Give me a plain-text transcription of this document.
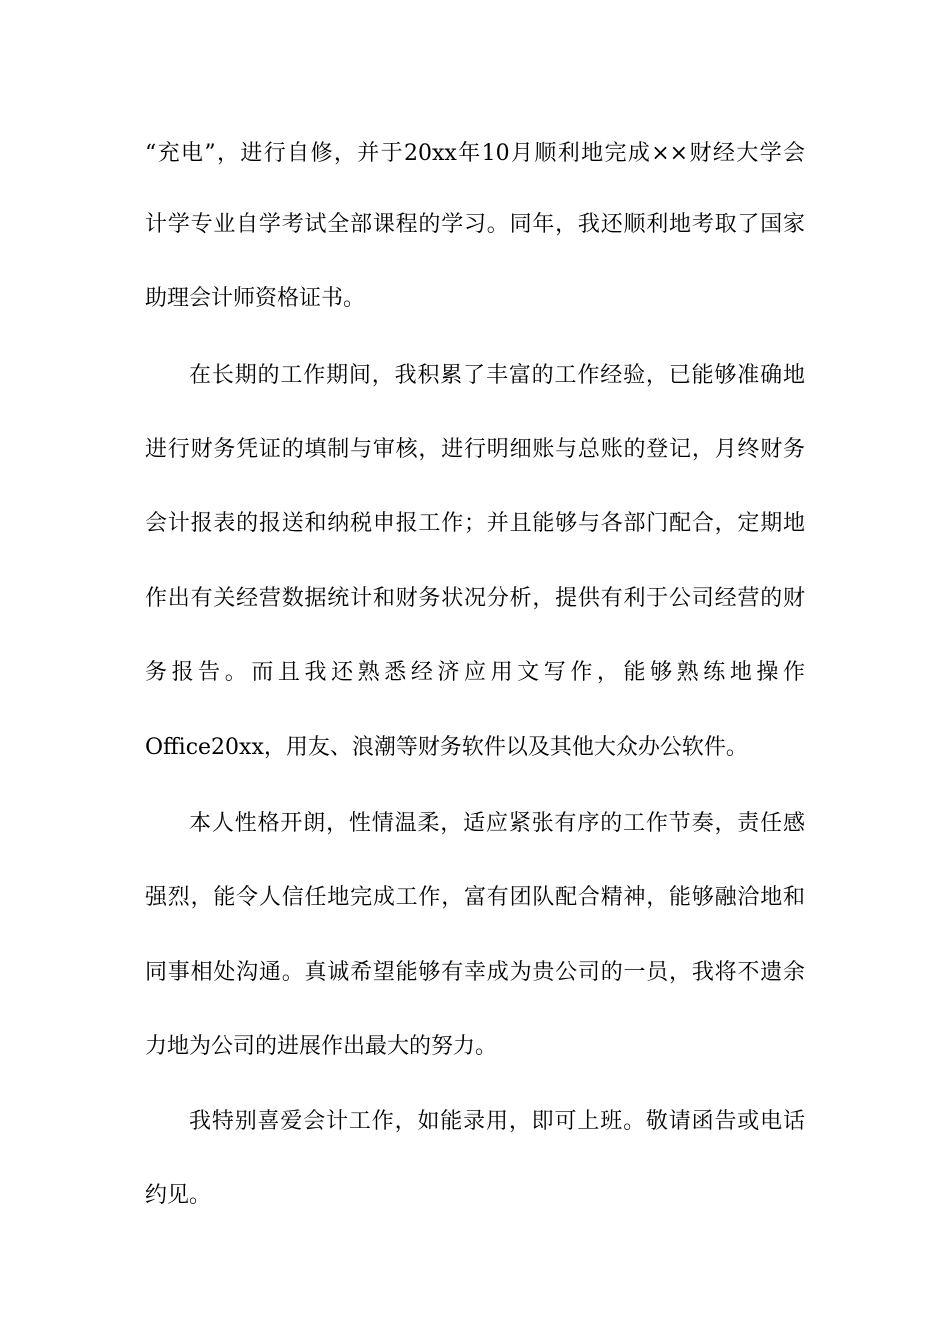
“充电”，进行自修，并于20xx年10月顺利地完成××财经大学会
计学专业自学考试全部课程的学习。同年，我还顺利地考取了国家
助理会计师资格证书。
在长期的工作期间，我积累了丰富的工作经验，已能够准确地
进行财务凭证的填制与审核，进行明细账与总账的登记，月终财务
会计报表的报送和纳税申报工作；并且能够与各部门配合，定期地
作出有关经营数据统计和财务状况分析，提供有利于公司经营的财
务报告。而且我还熟悉经济应用文写作，能够熟练地操作
Office20xx，用友、浪潮等财务软件以及其他大众办公软件。
本人性格开朗，性情温柔，适应紧张有序的工作节奏，责任感
强烈，能令人信任地完成工作，富有团队配合精神，能够融洽地和
同事相处沟通。真诚希望能够有幸成为贵公司的一员，我将不遗余
力地为公司的进展作出最大的努力。
我特别喜爱会计工作，如能录用，即可上班。敬请函告或电话
约见。
